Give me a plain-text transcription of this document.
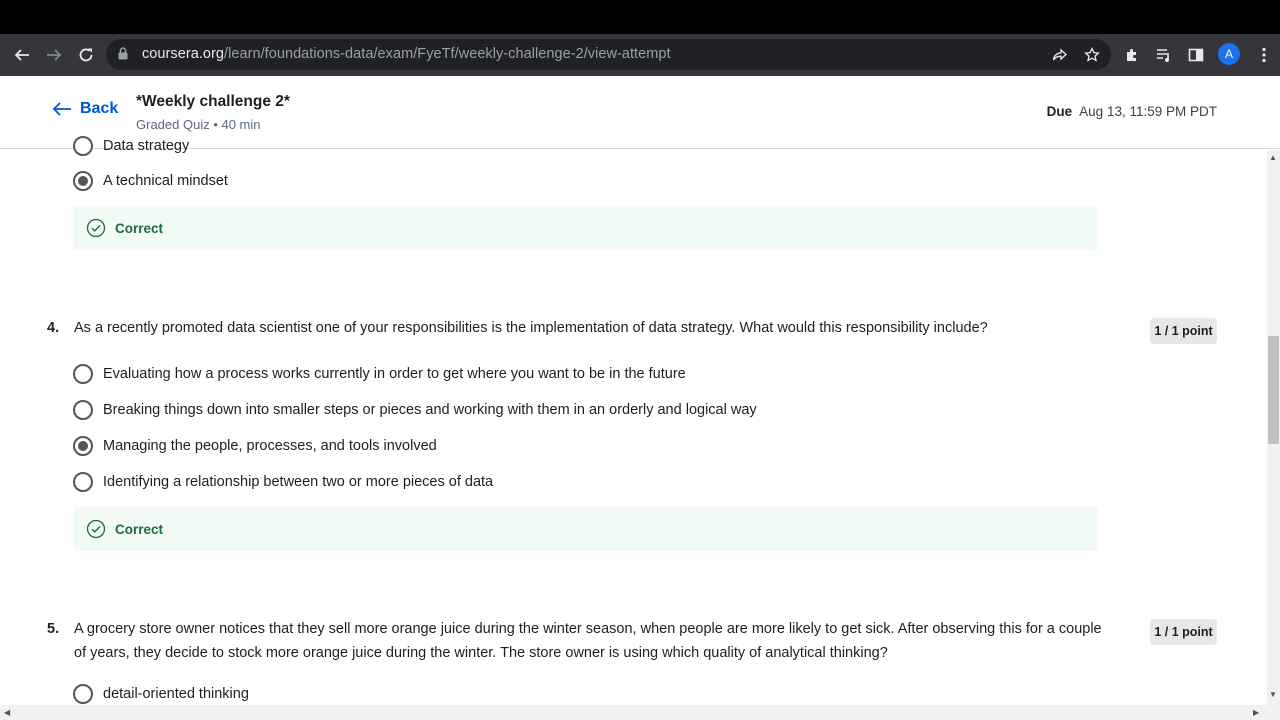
coursera.org/learn/foundations-data/exam/FyeTf/weekly-challenge-2/view-attempt	A
Back *Weekly challenge 2*
Graded Quiz • 40 min
Due Aug 13, 11:59 PM PDT
Data strategy
A technical mindset
Correct
4. As a recently promoted data scientist one of your responsibilities is the implementation of data strategy. What would this responsibility include?	1 / 1 point
Evaluating how a process works currently in order to get where you want to be in the future
Breaking things down into smaller steps or pieces and working with them in an orderly and logical way
Managing the people, processes, and tools involved
Identifying a relationship between two or more pieces of data
Correct
5. A grocery store owner notices that they sell more orange juice during the winter season, when people are more likely to get sick. After observing this for a couple of years, they decide to stock more orange juice during the winter. The store owner is using which quality of analytical thinking?
1 / 1 point
detail-oriented thinking
▲
▼
◀	▶
